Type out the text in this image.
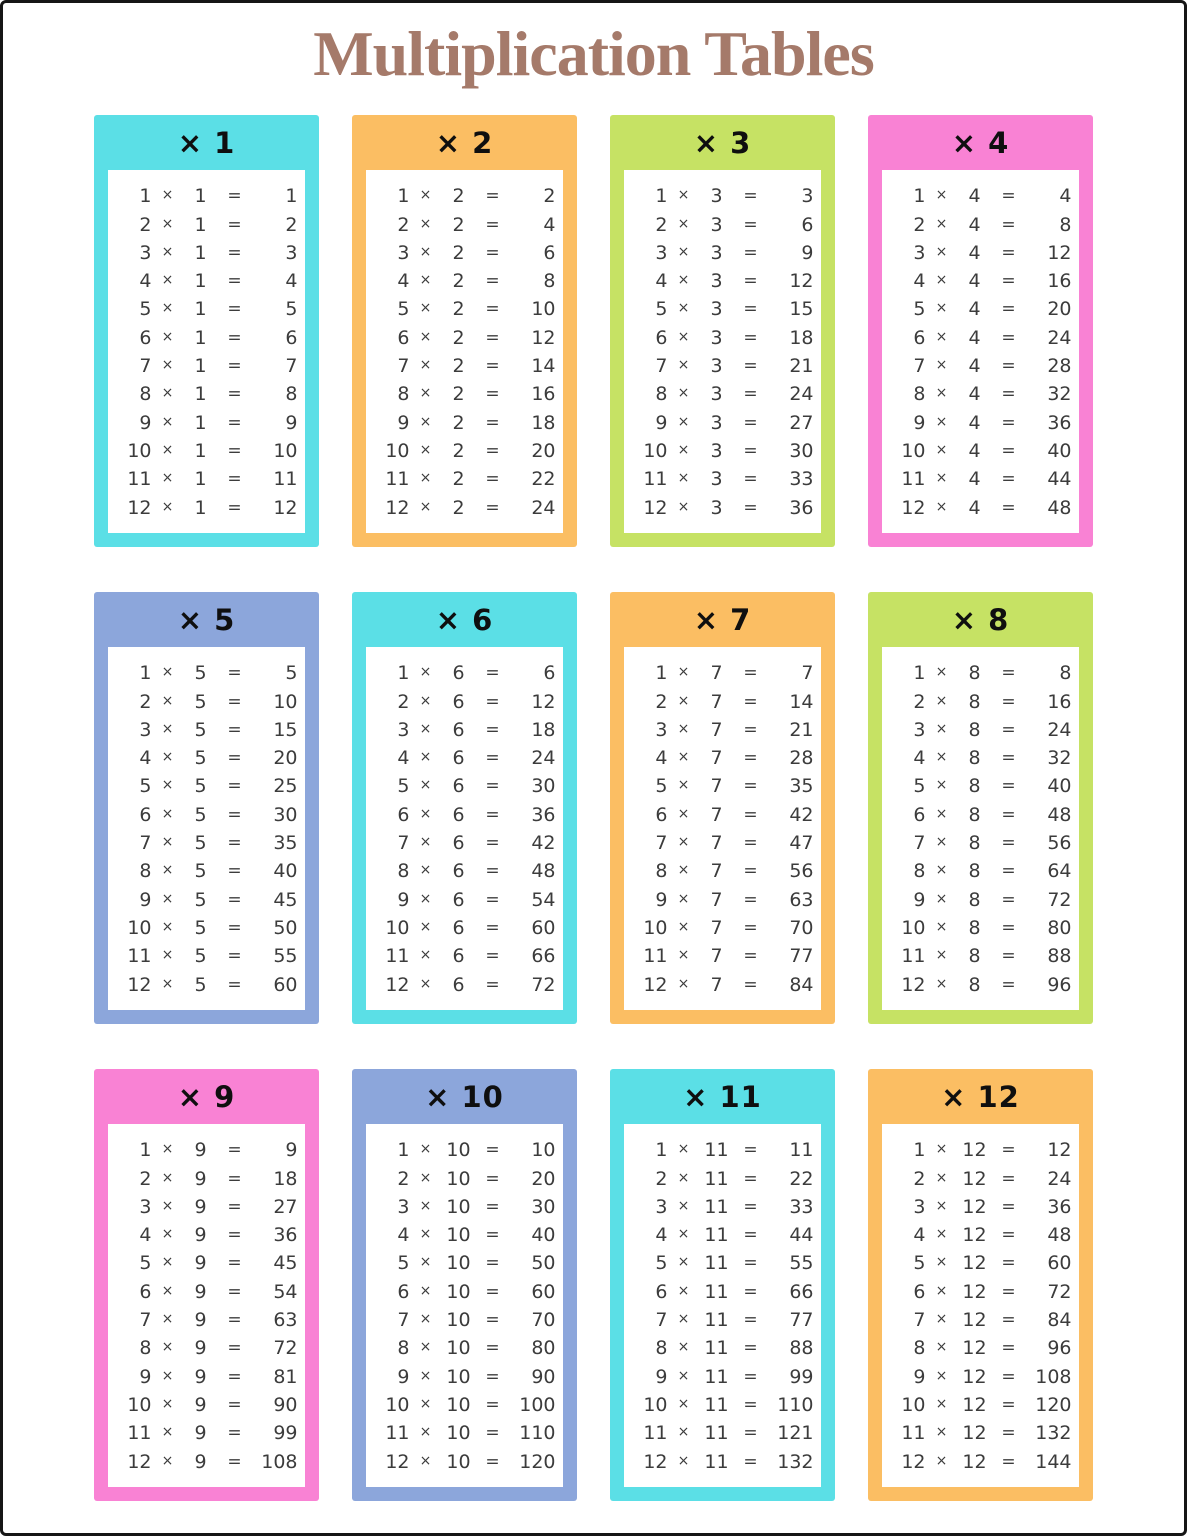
Multiplication Tables
× 1
1 ×	1	=	1
2 ×	1	=	2
3 ×	1	=	3
4 ×	1	=	4
5 ×	1	=	5
6 ×	1	=	6
7 ×	1	=	7
8 ×	1	=	8
9 ×	1	=	9
10 ×	1	=	10
11 ×	1	=	11
12 ×	1	=	12
× 2
1 ×	2	=	2
2 ×	2	=	4
3 ×	2	=	6
4 ×	2	=	8
5 ×	2	=	10
6 ×	2	=	12
7 ×	2	=	14
8 ×	2	=	16
9 ×	2	=	18
10 ×	2	=	20
11 ×	2	=	22
12 ×	2	=	24
× 3
1 ×	3	=	3
2 ×	3	=	6
3 ×	3	=	9
4 ×	3	=	12
5 ×	3	=	15
6 ×	3	=	18
7 ×	3	=	21
8 ×	3	=	24
9 ×	3	=	27
10 ×	3	=	30
11 ×	3	=	33
12 ×	3	=	36
× 4
1 ×	4	=	4
2 ×	4	=	8
3 ×	4	=	12
4 ×	4	=	16
5 ×	4	=	20
6 ×	4	=	24
7 ×	4	=	28
8 ×	4	=	32
9 ×	4	=	36
10 ×	4	=	40
11 ×	4	=	44
12 ×	4	=	48
× 5
1 ×	5	=	5
2 ×	5	=	10
3 ×	5	=	15
4 ×	5	=	20
5 ×	5	=	25
6 ×	5	=	30
7 ×	5	=	35
8 ×	5	=	40
9 ×	5	=	45
10 ×	5	=	50
11 ×	5	=	55
12 ×	5	=	60
× 6
1 ×	6	=	6
2 ×	6	=	12
3 ×	6	=	18
4 ×	6	=	24
5 ×	6	=	30
6 ×	6	=	36
7 ×	6	=	42
8 ×	6	=	48
9 ×	6	=	54
10 ×	6	=	60
11 ×	6	=	66
12 ×	6	=	72
× 7
1 ×	7	=	7
2 ×	7	=	14
3 ×	7	=	21
4 ×	7	=	28
5 ×	7	=	35
6 ×	7	=	42
7 ×	7	=	47
8 ×	7	=	56
9 ×	7	=	63
10 ×	7	=	70
11 ×	7	=	77
12 ×	7	=	84
× 8
1 ×	8	=	8
2 ×	8	=	16
3 ×	8	=	24
4 ×	8	=	32
5 ×	8	=	40
6 ×	8	=	48
7 ×	8	=	56
8 ×	8	=	64
9 ×	8	=	72
10 ×	8	=	80
11 ×	8	=	88
12 ×	8	=	96
× 9
1 ×	9	=	9
2 ×	9	=	18
3 ×	9	=	27
4 ×	9	=	36
5 ×	9	=	45
6 ×	9	=	54
7 ×	9	=	63
8 ×	9	=	72
9 ×	9	=	81
10 ×	9	=	90
11 ×	9	=	99
12 ×	9	=	108
× 10
1 × 10 =	10
2 × 10 =	20
3 × 10 =	30
4 × 10 =	40
5 × 10 =	50
6 × 10 =	60
7 × 10 =	70
8 × 10 =	80
9 × 10 =	90
10 × 10 =	100
11 × 10 =	110
12 × 10 =	120
× 11
1 × 11 =	11
2 × 11 =	22
3 × 11 =	33
4 × 11 =	44
5 × 11 =	55
6 × 11 =	66
7 × 11 =	77
8 × 11 =	88
9 × 11 =	99
10 × 11 =	110
11 × 11 =	121
12 × 11 =	132
× 12
1 × 12 =	12
2 × 12 =	24
3 × 12 =	36
4 × 12 =	48
5 × 12 =	60
6 × 12 =	72
7 × 12 =	84
8 × 12 =	96
9 × 12 =	108
10 × 12 =	120
11 × 12 =	132
12 × 12 =	144
